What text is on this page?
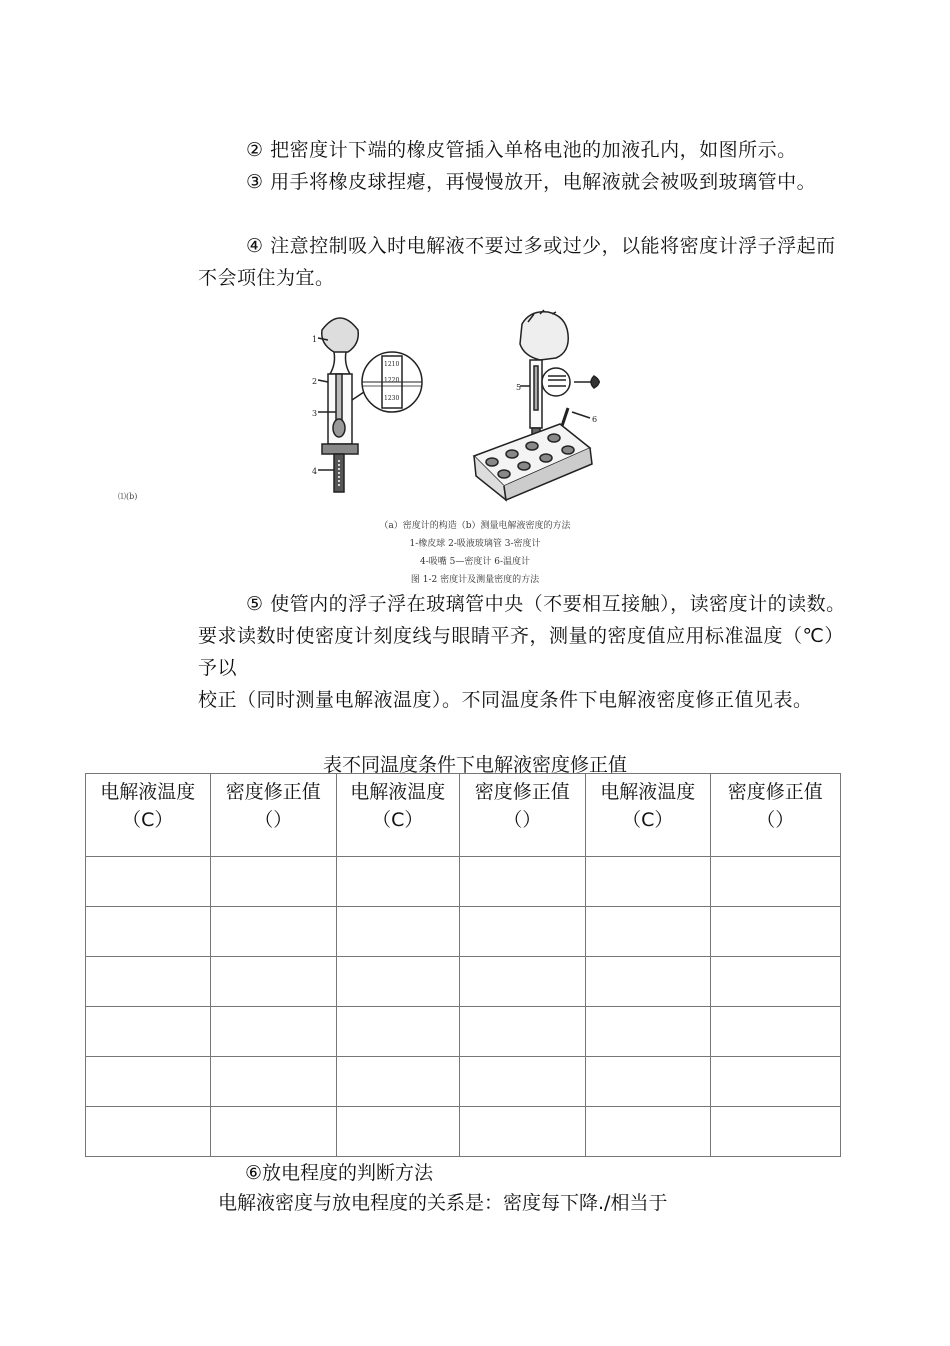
② 把密度计下端的橡皮管插入单格电池的加液孔内，如图所示。
③ 用手将橡皮球捏瘪，再慢慢放开，电解液就会被吸到玻璃管中。
④ 注意控制吸入时电解液不要过多或过少，以能将密度计浮子浮起而不会项住为宜。
1
2
3
4
1210
1220
1230
5
6
⑴(b)
（a）密度计的构造（b）测量电解液密度的方法
1-橡皮球 2-吸液玻璃管 3-密度计
4-吸嘴 5—密度计 6-温度计
图 1-2 密度计及测量密度的方法
⑤ 使管内的浮子浮在玻璃管中央（不要相互接触），读密度计的读数。要求读数时使密度计刻度线与眼睛平齐，测量的密度值应用标准温度（℃）予以
校正（同时测量电解液温度）。不同温度条件下电解液密度修正值见表。
表不同温度条件下电解液密度修正值
电解液温度（C）	密度修正值（）	电解液温度（C）	密度修正值（）	电解液温度（C）	密度修正值（）

⑥放电程度的判断方法
电解液密度与放电程度的关系是：密度每下降./相当于
